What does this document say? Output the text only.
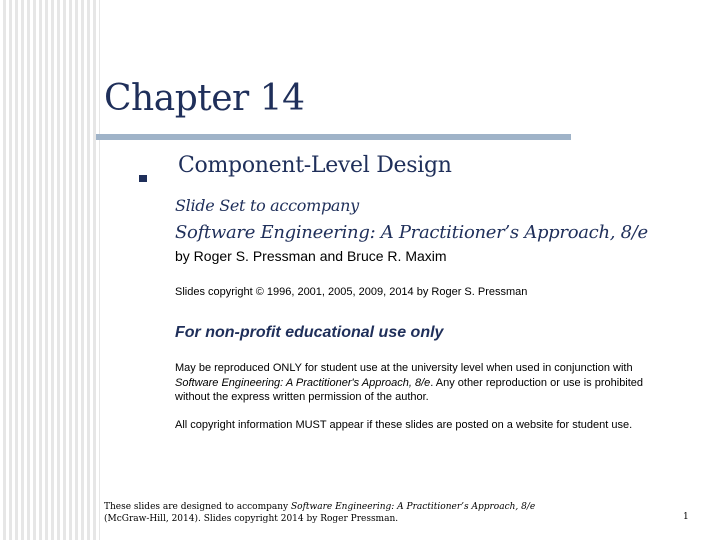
Chapter 14
Component-Level Design
Slide Set to accompany
Software Engineering: A Practitioner’s Approach, 8/e
by Roger S. Pressman and Bruce R. Maxim
Slides copyright © 1996, 2001, 2005, 2009, 2014 by Roger S. Pressman
For non-profit educational use only
May be reproduced ONLY for student use at the university level when used in conjunction with Software Engineering: A Practitioner's Approach, 8/e. Any other reproduction or use is prohibited without the express written permission of the author.
All copyright information MUST appear if these slides are posted on a website for student use.
These slides are designed to accompany Software Engineering: A Practitioner’s Approach, 8/e (McGraw-Hill, 2014). Slides copyright 2014 by Roger Pressman.	1
